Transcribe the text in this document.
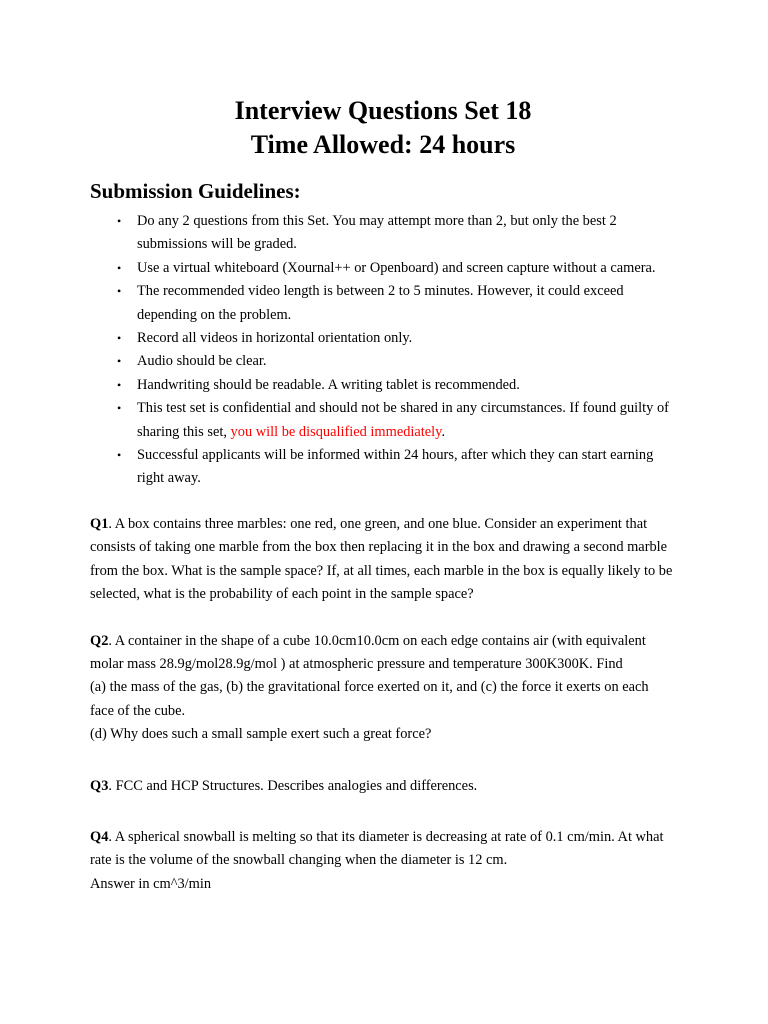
Interview Questions Set 18
Time Allowed: 24 hours
Submission Guidelines:
• Do any 2 questions from this Set. You may attempt more than 2, but only the best 2 submissions will be graded.
• Use a virtual whiteboard (Xournal++ or Openboard) and screen capture without a camera.
• The recommended video length is between 2 to 5 minutes. However, it could exceed depending on the problem.
• Record all videos in horizontal orientation only.
• Audio should be clear.
• Handwriting should be readable. A writing tablet is recommended.
• This test set is confidential and should not be shared in any circumstances. If found guilty of sharing this set, you will be disqualified immediately.
• Successful applicants will be informed within 24 hours, after which they can start earning right away.

Q1. A box contains three marbles: one red, one green, and one blue. Consider an experiment that consists of taking one marble from the box then replacing it in the box and drawing a second marble from the box. What is the sample space? If, at all times, each marble in the box is equally likely to be selected, what is the probability of each point in the sample space?

Q2. A container in the shape of a cube 10.0cm10.0cm on each edge contains air (with equivalent molar mass 28.9g/mol28.9g/mol ) at atmospheric pressure and temperature 300K300K. Find
(a) the mass of the gas, (b) the gravitational force exerted on it, and (c) the force it exerts on each face of the cube.
(d) Why does such a small sample exert such a great force?

Q3. FCC and HCP Structures. Describes analogies and differences.

Q4. A spherical snowball is melting so that its diameter is decreasing at rate of 0.1 cm/min. At what rate is the volume of the snowball changing when the diameter is 12 cm.
Answer in cm^3/min
